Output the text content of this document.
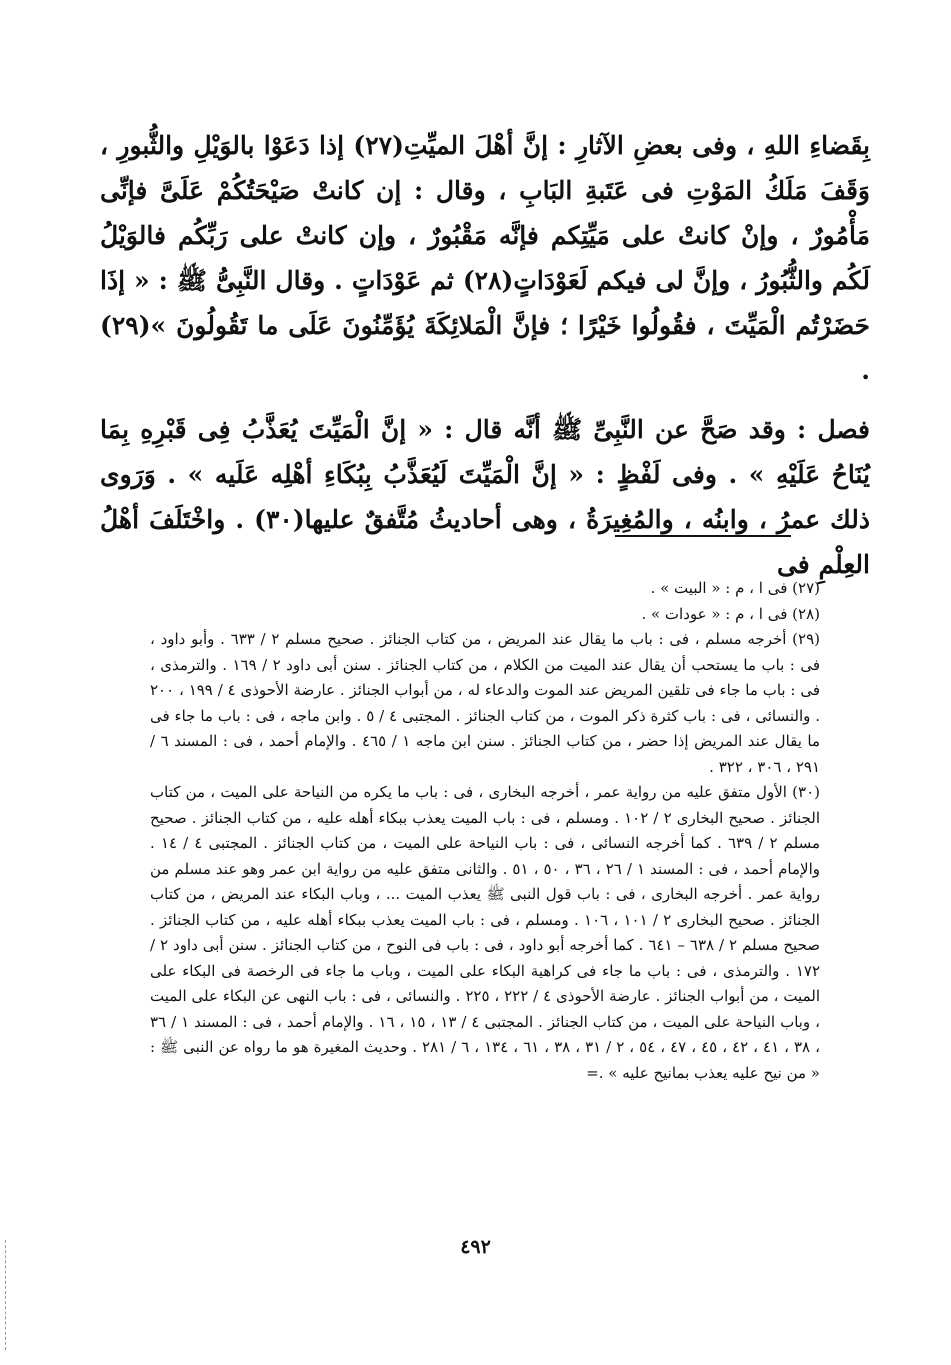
بِقَضاءِ اللهِ ، وفى بعضِ الآثارِ : إنَّ أهْلَ الميِّتِ(٢٧) إذا دَعَوْا بالوَيْلِ والثُّبورِ ، وَقَفَ مَلَكُ المَوْتِ فى عَتَبةِ البَابِ ، وقال : إن كانتْ صَيْحَتُكُمْ عَلَىَّ فإنِّى مَأْمُورٌ ، وإنْ كانتْ على مَيِّتِكم فإنَّه مَقْبُورٌ ، وإن كانتْ على رَبِّكُم فالوَيْلُ لَكُم والثُّبُورُ ، وإنَّ لى فيكم لَعَوْدَاتٍ(٢٨) ثم عَوْدَاتٍ . وقال النَّبِىُّ ﷺ : « إذَا حَضَرْتُم الْمَيِّتَ ، فقُولُوا خَيْرًا ؛ فإنَّ الْمَلائِكَةَ يُؤَمِّنُونَ عَلَى ما تَقُولُونَ »(٢٩) .

فصل : وقد صَحَّ عن النَّبِىِّ ﷺ أنَّه قال : « إنَّ الْمَيِّتَ يُعَذَّبُ فِى قَبْرِهِ بِمَا يُنَاحُ عَلَيْهِ » . وفى لَفْظٍ : « إنَّ الْمَيِّتَ لَيُعَذَّبُ بِبُكَاءِ أهْلِه عَلَيه » . وَرَوى ذلك عمرُ ، وابنُه ، والمُغِيرَةُ ، وهى أحاديثُ مُتَّفقٌ عليها(٣٠) . واخْتَلَفَ أهْلُ العِلْمِ فى

(٢٧) فى ا ، م : « البيت » .

(٢٨) فى ا ، م : « عودات » .

(٢٩) أخرجه مسلم ، فى : باب ما يقال عند المريض ، من كتاب الجنائز . صحيح مسلم ٢ / ٦٣٣ . وأبو داود ، فى : باب ما يستحب أن يقال عند الميت من الكلام ، من كتاب الجنائز . سنن أبى داود ٢ / ١٦٩ . والترمذى ، فى : باب ما جاء فى تلقين المريض عند الموت والدعاء له ، من أبواب الجنائز . عارضة الأحوذى ٤ / ١٩٩ ، ٢٠٠ . والنسائى ، فى : باب كثرة ذكر الموت ، من كتاب الجنائز . المجتبى ٤ / ٥ . وابن ماجه ، فى : باب ما جاء فى ما يقال عند المريض إذا حضر ، من كتاب الجنائز . سنن ابن ماجه ١ / ٤٦٥ . والإمام أحمد ، فى : المسند ٦ / ٢٩١ ، ٣٠٦ ، ٣٢٢ .

(٣٠) الأول متفق عليه من رواية عمر ، أخرجه البخارى ، فى : باب ما يكره من النياحة على الميت ، من كتاب الجنائز . صحيح البخارى ٢ / ١٠٢ . ومسلم ، فى : باب الميت يعذب ببكاء أهله عليه ، من كتاب الجنائز . صحيح مسلم ٢ / ٦٣٩ . كما أخرجه النسائى ، فى : باب النياحة على الميت ، من كتاب الجنائز . المجتبى ٤ / ١٤ . والإمام أحمد ، فى : المسند ١ / ٢٦ ، ٣٦ ، ٥٠ ، ٥١ . والثانى متفق عليه من رواية ابن عمر وهو عند مسلم من رواية عمر . أخرجه البخارى ، فى : باب قول النبى ﷺ يعذب الميت ... ، وباب البكاء عند المريض ، من كتاب الجنائز . صحيح البخارى ٢ / ١٠١ ، ١٠٦ . ومسلم ، فى : باب الميت يعذب ببكاء أهله عليه ، من كتاب الجنائز . صحيح مسلم ٢ / ٦٣٨ – ٦٤١ . كما أخرجه أبو داود ، فى : باب فى النوح ، من كتاب الجنائز . سنن أبى داود ٢ / ١٧٢ . والترمذى ، فى : باب ما جاء فى كراهية البكاء على الميت ، وباب ما جاء فى الرخصة فى البكاء على الميت ، من أبواب الجنائز . عارضة الأحوذى ٤ / ٢٢٢ ، ٢٢٥ . والنسائى ، فى : باب النهى عن البكاء على الميت ، وباب النياحة على الميت ، من كتاب الجنائز . المجتبى ٤ / ١٣ ، ١٥ ، ١٦ . والإمام أحمد ، فى : المسند ١ / ٣٦ ، ٣٨ ، ٤١ ، ٤٢ ، ٤٥ ، ٤٧ ، ٥٤ ، ٢ / ٣١ ، ٣٨ ، ٦١ ، ١٣٤ ، ٦ / ٢٨١ . وحديث المغيرة هو ما رواه عن النبى ﷺ : « من نيح عليه يعذب بمانيح عليه » .=

٤٩٢
